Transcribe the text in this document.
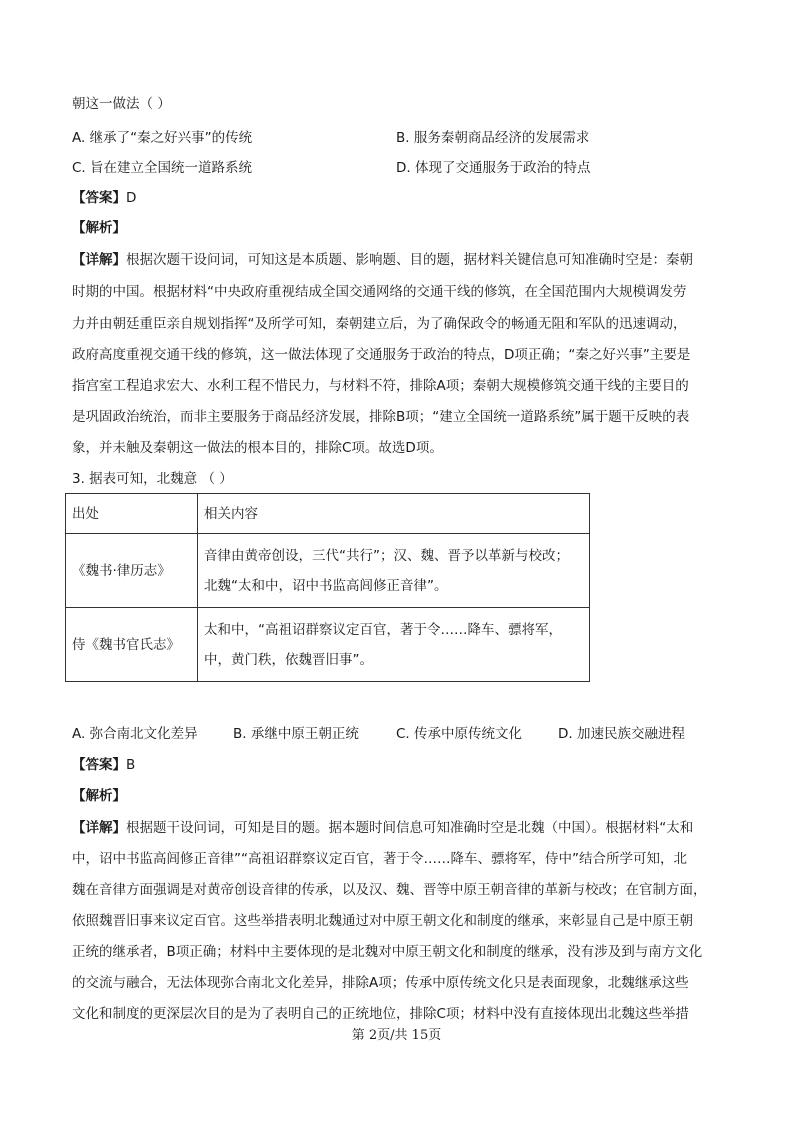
朝这一做法（ ）
A. 继承了“秦之好兴事”的传统	B. 服务秦朝商品经济的发展需求
C. 旨在建立全国统一道路系统	D. 体现了交通服务于政治的特点
【答案】D
【解析】
【详解】根据次题干设问词，可知这是本质题、影响题、目的题，据材料关键信息可知准确时空是：秦朝
时期的中国。根据材料“中央政府重视结成全国交通网络的交通干线的修筑，在全国范围内大规模调发劳
力并由朝廷重臣亲自规划指挥“及所学可知，秦朝建立后，为了确保政令的畅通无阻和军队的迅速调动，
政府高度重视交通干线的修筑，这一做法体现了交通服务于政治的特点，D项正确；“秦之好兴事”主要是
指宫室工程追求宏大、水利工程不惜民力，与材料不符，排除A项；秦朝大规模修筑交通干线的主要目的
是巩固政治统治，而非主要服务于商品经济发展，排除B项；“建立全国统一道路系统”属于题干反映的表
象，并未触及秦朝这一做法的根本目的，排除C项。故选D项。
3. 据表可知，北魏意 （ ）
出处	相关内容
《魏书·律历志》	音律由黄帝创设，三代“共行”；汉、魏、晋予以革新与校改；
北魏“太和中，诏中书监高闾修正音律”。

侍《魏书官氏志》	太和中，“高祖诏群察议定百官，著于令……降车、骠将军，
中，黄门秩，依魏晋旧事”。
A. 弥合南北文化差异	B. 承继中原王朝正统	C. 传承中原传统文化	D. 加速民族交融进程
【答案】B
【解析】
【详解】根据题干设问词，可知是目的题。据本题时间信息可知准确时空是北魏（中国）。根据材料“太和
中，诏中书监高闾修正音律”“高祖诏群察议定百官，著于令……降车、骠将军，侍中”结合所学可知，北
魏在音律方面强调是对黄帝创设音律的传承，以及汉、魏、晋等中原王朝音律的革新与校改；在官制方面，
依照魏晋旧事来议定百官。这些举措表明北魏通过对中原王朝文化和制度的继承，来彰显自己是中原王朝
正统的继承者，B项正确；材料中主要体现的是北魏对中原王朝文化和制度的继承，没有涉及到与南方文化
的交流与融合，无法体现弥合南北文化差异，排除A项；传承中原传统文化只是表面现象，北魏继承这些
文化和制度的更深层次目的是为了表明自己的正统地位，排除C项；材料中没有直接体现出北魏这些举措
第 2页/共 15页
